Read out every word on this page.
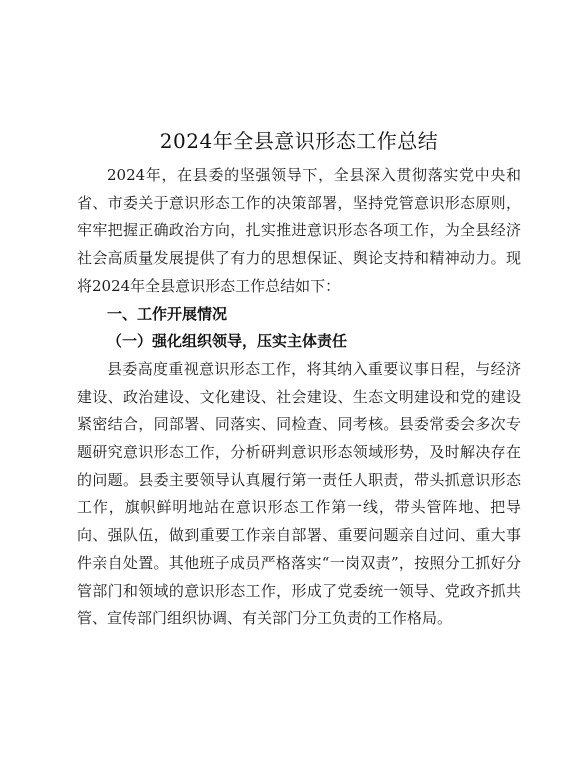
2024年全县意识形态工作总结

2024年，在县委的坚强领导下，全县深入贯彻落实党中央和省、市委关于意识形态工作的决策部署，坚持党管意识形态原则，牢牢把握正确政治方向，扎实推进意识形态各项工作，为全县经济社会高质量发展提供了有力的思想保证、舆论支持和精神动力。现将2024年全县意识形态工作总结如下：

一、工作开展情况

（一）强化组织领导，压实主体责任

县委高度重视意识形态工作，将其纳入重要议事日程，与经济建设、政治建设、文化建设、社会建设、生态文明建设和党的建设紧密结合，同部署、同落实、同检查、同考核。县委常委会多次专题研究意识形态工作，分析研判意识形态领域形势，及时解决存在的问题。县委主要领导认真履行第一责任人职责，带头抓意识形态工作，旗帜鲜明地站在意识形态工作第一线，带头管阵地、把导向、强队伍，做到重要工作亲自部署、重要问题亲自过问、重大事件亲自处置。其他班子成员严格落实“一岗双责”，按照分工抓好分管部门和领域的意识形态工作，形成了党委统一领导、党政齐抓共管、宣传部门组织协调、有关部门分工负责的工作格局。
